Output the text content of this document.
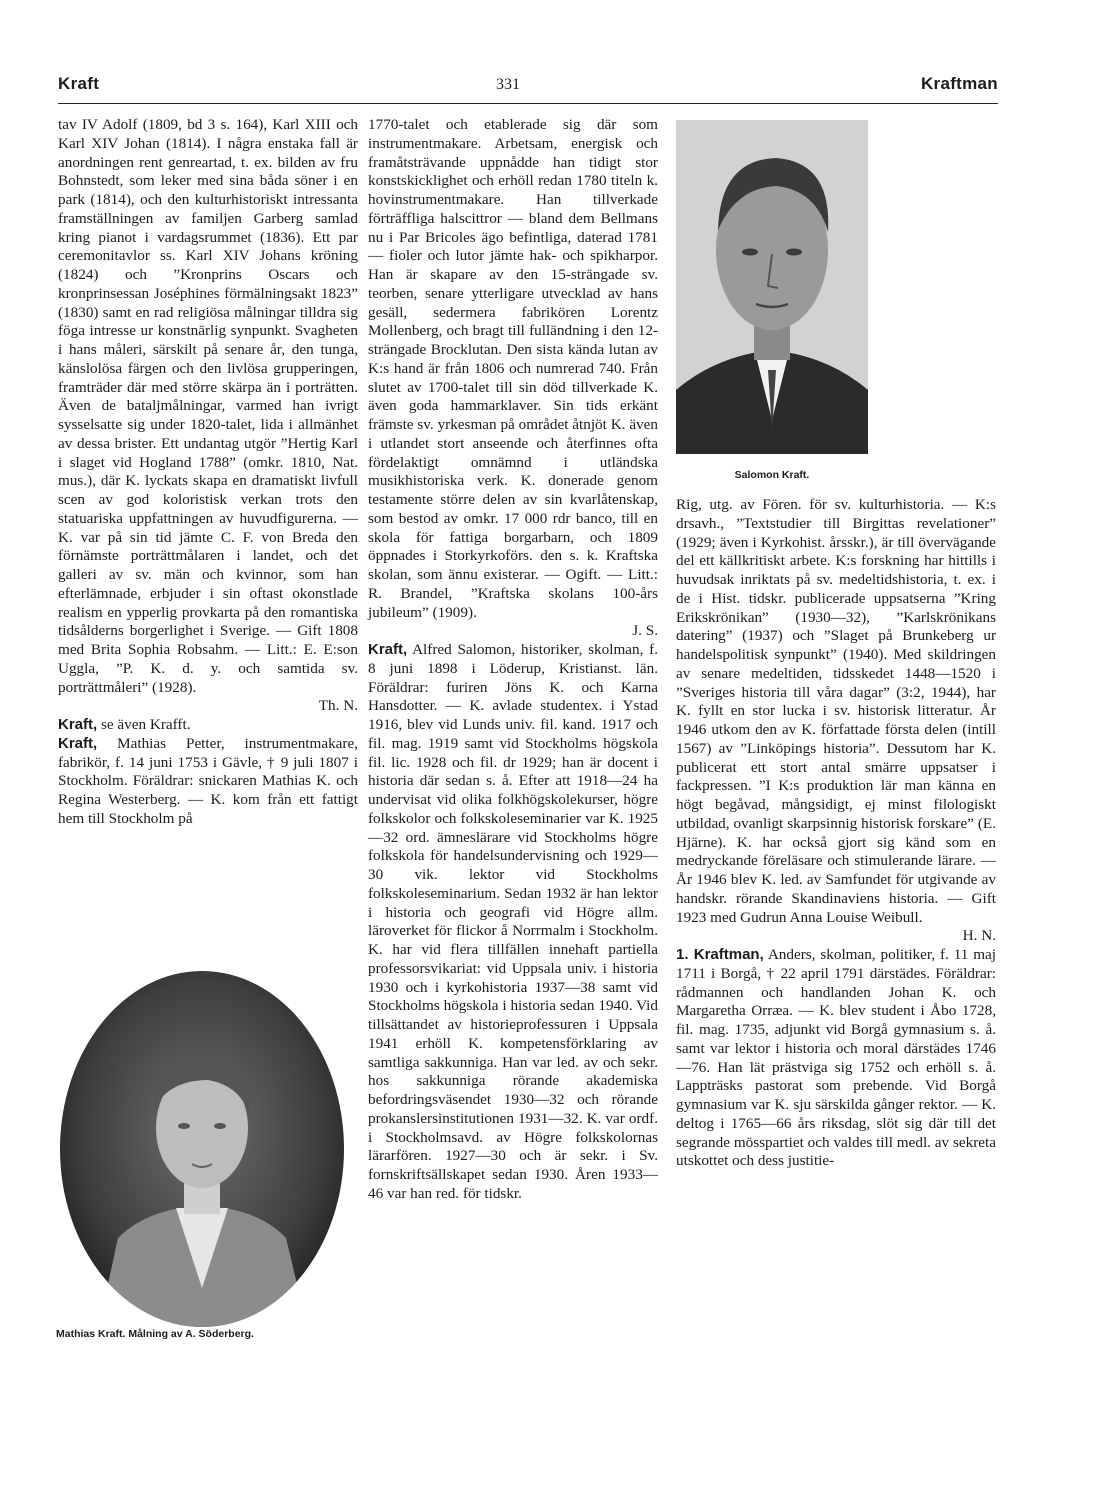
Kraft	331	Kraftman

tav IV Adolf (1809, bd 3 s. 164), Karl XIII och Karl XIV Johan (1814). I några enstaka fall är anordningen rent genreartad, t. ex. bilden av fru Bohnstedt, som leker med sina båda söner i en park (1814), och den kulturhistoriskt intressanta framställningen av familjen Garberg samlad kring pianot i vardagsrummet (1836). Ett par ceremonitavlor ss. Karl XIV Johans kröning (1824) och ”Kronprins Oscars och kronprinsessan Joséphines förmälningsakt 1823” (1830) samt en rad religiösa målningar tilldra sig föga intresse ur konstnärlig synpunkt. Svagheten i hans måleri, särskilt på senare år, den tunga, känslolösa färgen och den livlösa grupperingen, framträder där med större skärpa än i porträtten. Även de bataljmålningar, varmed han ivrigt sysselsatte sig under 1820-talet, lida i allmänhet av dessa brister. Ett undantag utgör ”Hertig Karl i slaget vid Hogland 1788” (omkr. 1810, Nat. mus.), där K. lyckats skapa en dramatiskt livfull scen av god koloristisk verkan trots den statuariska uppfattningen av huvudfigurerna. — K. var på sin tid jämte C. F. von Breda den förnämste porträttmålaren i landet, och det galleri av sv. män och kvinnor, som han efterlämnade, erbjuder i sin oftast okonstlade realism en ypperlig provkarta på den romantiska tidsålderns borgerlighet i Sverige. — Gift 1808 med Brita Sophia Robsahm. — Litt.: E. E:son Uggla, ”P. K. d. y. och samtida sv. porträttmåleri” (1928).

Th. N.

Kraft, se även Krafft.

Kraft, Mathias Petter, instrumentmakare, fabrikör, f. 14 juni 1753 i Gävle, † 9 juli 1807 i Stockholm. Föräldrar: snickaren Mathias K. och Regina Westerberg. — K. kom från ett fattigt hem till Stockholm på

Mathias Kraft. Målning av A. Söderberg.

1770-talet och etablerade sig där som instrumentmakare. Arbetsam, energisk och framåtsträvande uppnådde han tidigt stor konstskicklighet och erhöll redan 1780 titeln k. hovinstrumentmakare. Han tillverkade förträffliga halscittror — bland dem Bellmans nu i Par Bricoles ägo befintliga, daterad 1781 — fioler och lutor jämte hak- och spikharpor. Han är skapare av den 15-strängade sv. teorben, senare ytterligare utvecklad av hans gesäll, sedermera fabrikören Lorentz Mollenberg, och bragt till fulländning i den 12-strängade Brocklutan. Den sista kända lutan av K:s hand är från 1806 och numrerad 740. Från slutet av 1700-talet till sin död tillverkade K. även goda hammarklaver. Sin tids erkänt främste sv. yrkesman på området åtnjöt K. även i utlandet stort anseende och återfinnes ofta fördelaktigt omnämnd i utländska musikhistoriska verk. K. donerade genom testamente större delen av sin kvarlåtenskap, som bestod av omkr. 17 000 rdr banco, till en skola för fattiga borgarbarn, och 1809 öppnades i Storkyrkoförs. den s. k. Kraftska skolan, som ännu existerar. — Ogift. — Litt.: R. Brandel, ”Kraftska skolans 100-års jubileum” (1909).

J. S.

Kraft, Alfred Salomon, historiker, skolman, f. 8 juni 1898 i Löderup, Kristianst. län. Föräldrar: furiren Jöns K. och Karna Hansdotter. — K. avlade studentex. i Ystad 1916, blev vid Lunds univ. fil. kand. 1917 och fil. mag. 1919 samt vid Stockholms högskola fil. lic. 1928 och fil. dr 1929; han är docent i historia där sedan s. å. Efter att 1918—24 ha undervisat vid olika folkhögskolekurser, högre folkskolor och folkskoleseminarier var K. 1925—32 ord. ämneslärare vid Stockholms högre folkskola för handelsundervisning och 1929—30 vik. lektor vid Stockholms folkskoleseminarium. Sedan 1932 är han lektor i historia och geografi vid Högre allm. läroverket för flickor å Norrmalm i Stockholm. K. har vid flera tillfällen innehaft partiella professorsvikariat: vid Uppsala univ. i historia 1930 och i kyrkohistoria 1937—38 samt vid Stockholms högskola i historia sedan 1940. Vid tillsättandet av historieprofessuren i Uppsala 1941 erhöll K. kompetensförklaring av samtliga sakkunniga. Han var led. av och sekr. hos sakkunniga rörande akademiska befordringsväsendet 1930—32 och rörande prokanslersinstitutionen 1931—32. K. var ordf. i Stockholmsavd. av Högre folkskolornas lärarfören. 1927—30 och är sekr. i Sv. fornskriftsällskapet sedan 1930. Åren 1933—46 var han red. för tidskr.

Salomon Kraft.

Rig, utg. av Fören. för sv. kulturhistoria. — K:s drsavh., ”Textstudier till Birgittas revelationer” (1929; även i Kyrkohist. årsskr.), är till övervägande del ett källkritiskt arbete. K:s forskning har hittills i huvudsak inriktats på sv. medeltidshistoria, t. ex. i de i Hist. tidskr. publicerade uppsatserna ”Kring Erikskrönikan” (1930—32), ”Karlskrönikans datering” (1937) och ”Slaget på Brunkeberg ur handelspolitisk synpunkt” (1940). Med skildringen av senare medeltiden, tidsskedet 1448—1520 i ”Sveriges historia till våra dagar” (3:2, 1944), har K. fyllt en stor lucka i sv. historisk litteratur. År 1946 utkom den av K. författade första delen (intill 1567) av ”Linköpings historia”. Dessutom har K. publicerat ett stort antal smärre uppsatser i fackpressen. ”I K:s produktion lär man känna en högt begåvad, mångsidigt, ej minst filologiskt utbildad, ovanligt skarpsinnig historisk forskare” (E. Hjärne). K. har också gjort sig känd som en medryckande föreläsare och stimulerande lärare. — År 1946 blev K. led. av Samfundet för utgivande av handskr. rörande Skandinaviens historia. — Gift 1923 med Gudrun Anna Louise Weibull.

H. N.

1. Kraftman, Anders, skolman, politiker, f. 11 maj 1711 i Borgå, † 22 april 1791 därstädes. Föräldrar: rådmannen och handlanden Johan K. och Margaretha Orræa. — K. blev student i Åbo 1728, fil. mag. 1735, adjunkt vid Borgå gymnasium s. å. samt var lektor i historia och moral därstädes 1746—76. Han lät prästviga sig 1752 och erhöll s. å. Lappträsks pastorat som prebende. Vid Borgå gymnasium var K. sju särskilda gånger rektor. — K. deltog i 1765—66 års riksdag, slöt sig där till det segrande mösspartiet och valdes till medl. av sekreta utskottet och dess justitie-
